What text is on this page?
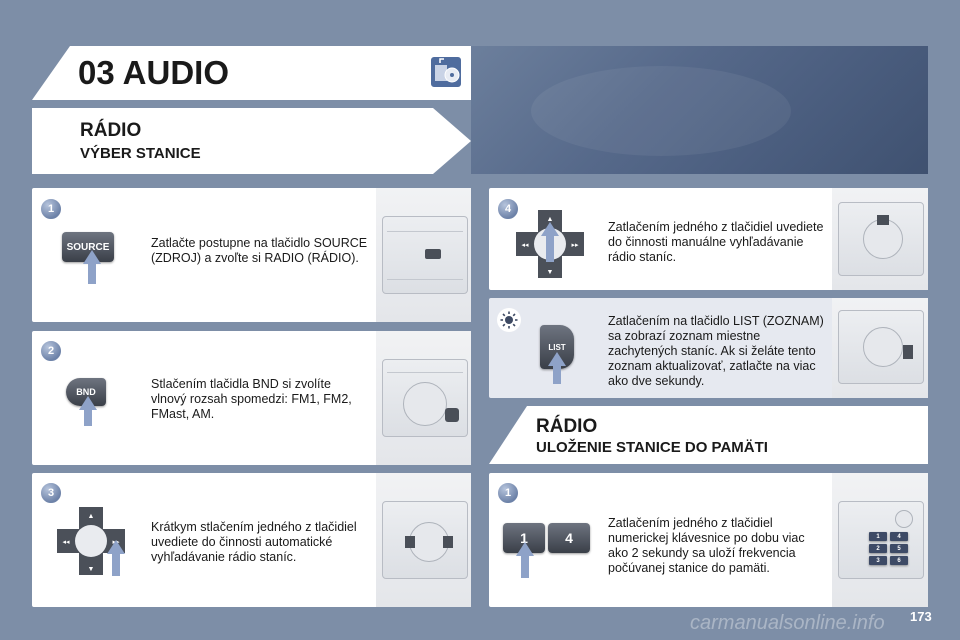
03 AUDIO
RÁDIO
VÝBER STANICE
1
SOURCE	Zatlačte postupne na tlačidlo SOURCE (ZDROJ) a zvoľte si RADIO (RÁDIO).
2
BND
Stlačením tlačidla BND si zvolíte vlnový rozsah spomedzi: FM1, FM2, FMast, AM.
3
▲
▼
◂◂	▸▸
Krátkym stlačením jedného z tlačidiel uvediete do činnosti automatické vyhľadávanie rádio staníc.
4
▲
▼
◂◂	▸▸
Zatlačením jedného z tlačidiel uvediete do činnosti manuálne vyhľadávanie rádio staníc.
LIST
Zatlačením na tlačidlo LIST (ZOZNAM) sa zobrazí zoznam miestne zachytených staníc. Ak si želáte tento zoznam aktualizovať, zatlačte na viac ako dve sekundy.
RÁDIO
ULOŽENIE STANICE DO PAMÄTI
1	4
2	5
3	6
1
1	4
Zatlačením jedného z tlačidiel numerickej klávesnice po dobu viac ako 2 sekundy sa uloží frekvencia počúvanej stanice do pamäti.
carmanualsonline.info 173
